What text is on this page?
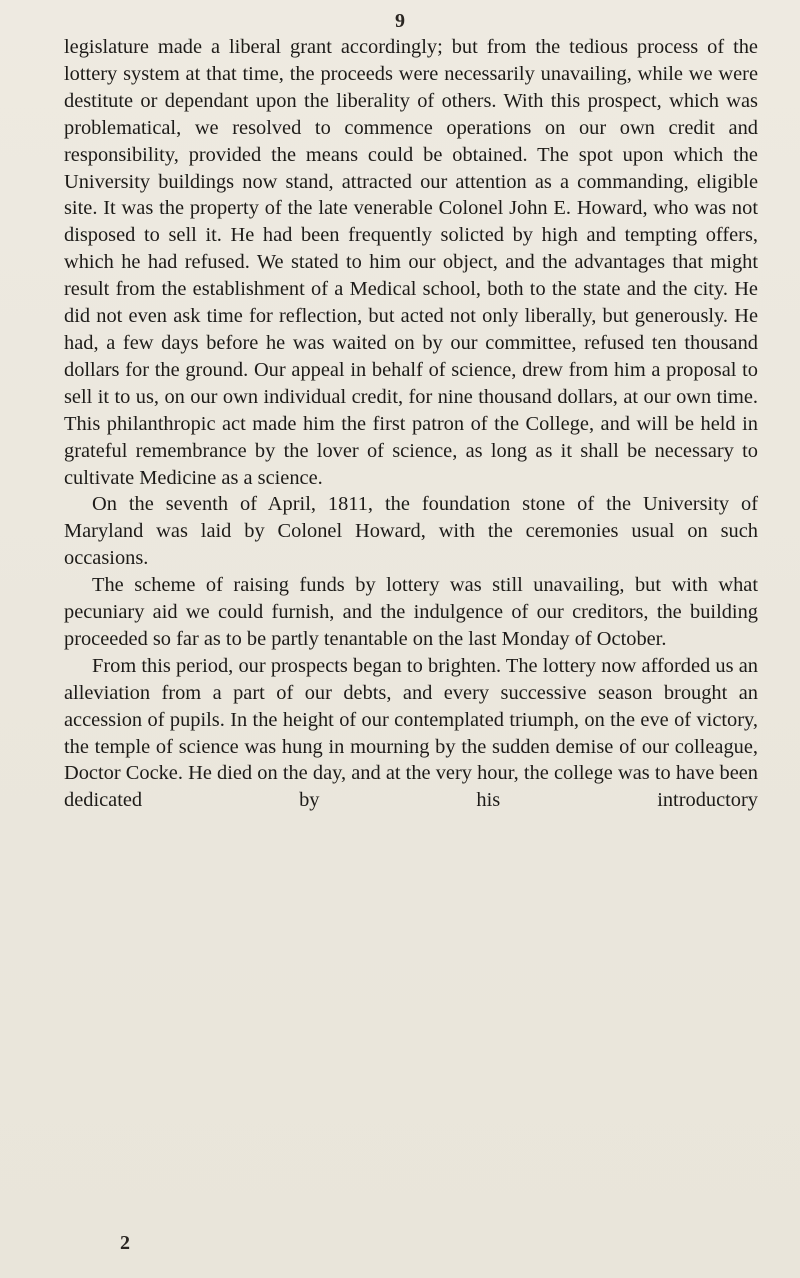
9

legislature made a liberal grant accordingly; but from the tedious process of the lottery system at that time, the proceeds were necessarily unavailing, while we were destitute or dependant upon the liberality of others. With this prospect, which was problematical, we resolved to commence operations on our own credit and responsibility, provided the means could be obtained. The spot upon which the University buildings now stand, attracted our attention as a commanding, eligible site. It was the property of the late venerable Colonel John E. Howard, who was not disposed to sell it. He had been frequently solicted by high and tempting offers, which he had refused. We stated to him our object, and the advantages that might result from the establishment of a Medical school, both to the state and the city. He did not even ask time for reflection, but acted not only liberally, but generously. He had, a few days before he was waited on by our committee, refused ten thousand dollars for the ground. Our appeal in behalf of science, drew from him a proposal to sell it to us, on our own individual credit, for nine thousand dollars, at our own time. This philanthropic act made him the first patron of the College, and will be held in grateful remembrance by the lover of science, as long as it shall be necessary to cultivate Medicine as a science.

On the seventh of April, 1811, the foundation stone of the University of Maryland was laid by Colonel Howard, with the ceremonies usual on such occasions.

The scheme of raising funds by lottery was still unavailing, but with what pecuniary aid we could furnish, and the indulgence of our creditors, the building proceeded so far as to be partly tenantable on the last Monday of October.

From this period, our prospects began to brighten. The lottery now afforded us an alleviation from a part of our debts, and every successive season brought an accession of pupils. In the height of our contemplated triumph, on the eve of victory, the temple of science was hung in mourning by the sudden demise of our colleague, Doctor Cocke. He died on the day, and at the very hour, the college was to have been dedicated by his introductory

2
